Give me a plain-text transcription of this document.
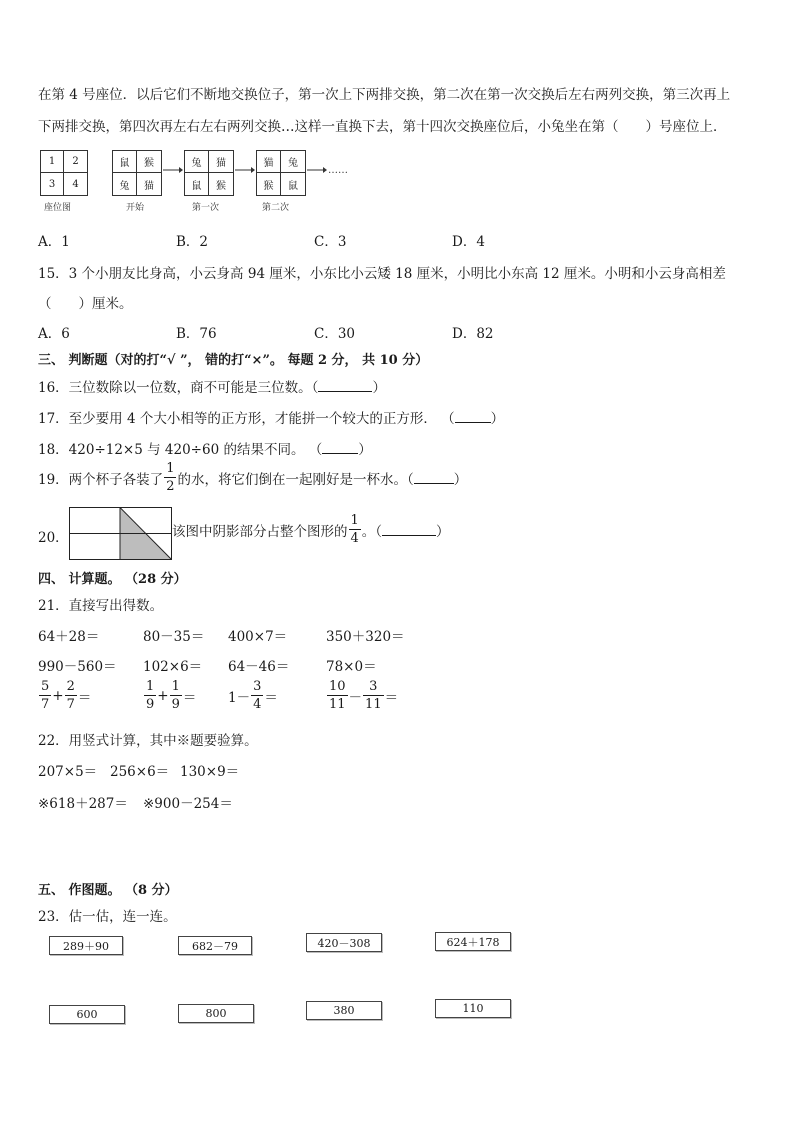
在第 4 号座位．以后它们不断地交换位子，第一次上下两排交换，第二次在第一次交换后左右两列交换，第三次再上
下两排交换，第四次再左右左右两列交换…这样一直换下去，第十四次交换座位后，小兔坐在第（　　）号座位上．
1	2
3	4
座位图
鼠	猴
兔	猫
开始
兔	猫
鼠	猴
第一次
猫	兔
猴	鼠
第二次
……
A．1	B．2	C．3	D．4
15．3 个小朋友比身高，小云身高 94 厘米，小东比小云矮 18 厘米，小明比小东高 12 厘米。小明和小云身高相差
（　　）厘米。
A．6	B．76	C．30	D．82
三、 判断题（对的打“√ ”， 错的打“×”。 每题 2 分， 共 10 分）
16．三位数除以一位数，商不可能是三位数。（	）
17．至少要用 4 个大小相等的正方形，才能拼一个较大的正方形． （	）
18．420÷12×5 与 420÷60 的结果不同。 （	）
19．两个杯子各装了 $\frac{1}{2}$ 的水，将它们倒在一起刚好是一杯水。（	）
20．	该图中阴影部分占整个图形的 $\frac{1}{4}$ 。（	）
四、 计算题。 （28 分）
21．直接写出得数。
64＋28＝	80－35＝ 400×7＝	350＋320＝
990－560＝ 102×6＝ 64－46＝	78×0＝
$\frac{5}{7} + \frac{2}{7}$ ＝	$\frac{1}{9} + \frac{1}{9} = 1- \frac{3}{4}$ ＝	$\frac{10}{11} - \frac{3}{11}$ ＝
22．用竖式计算，其中※题要验算。
207×5＝ 256×6＝ 130×9＝
※618＋287＝ ※900－254＝
五、 作图题。 （8 分）
23．估一估，连一连。
289＋90	682－79	420－308	624＋178
600	800	380	110
